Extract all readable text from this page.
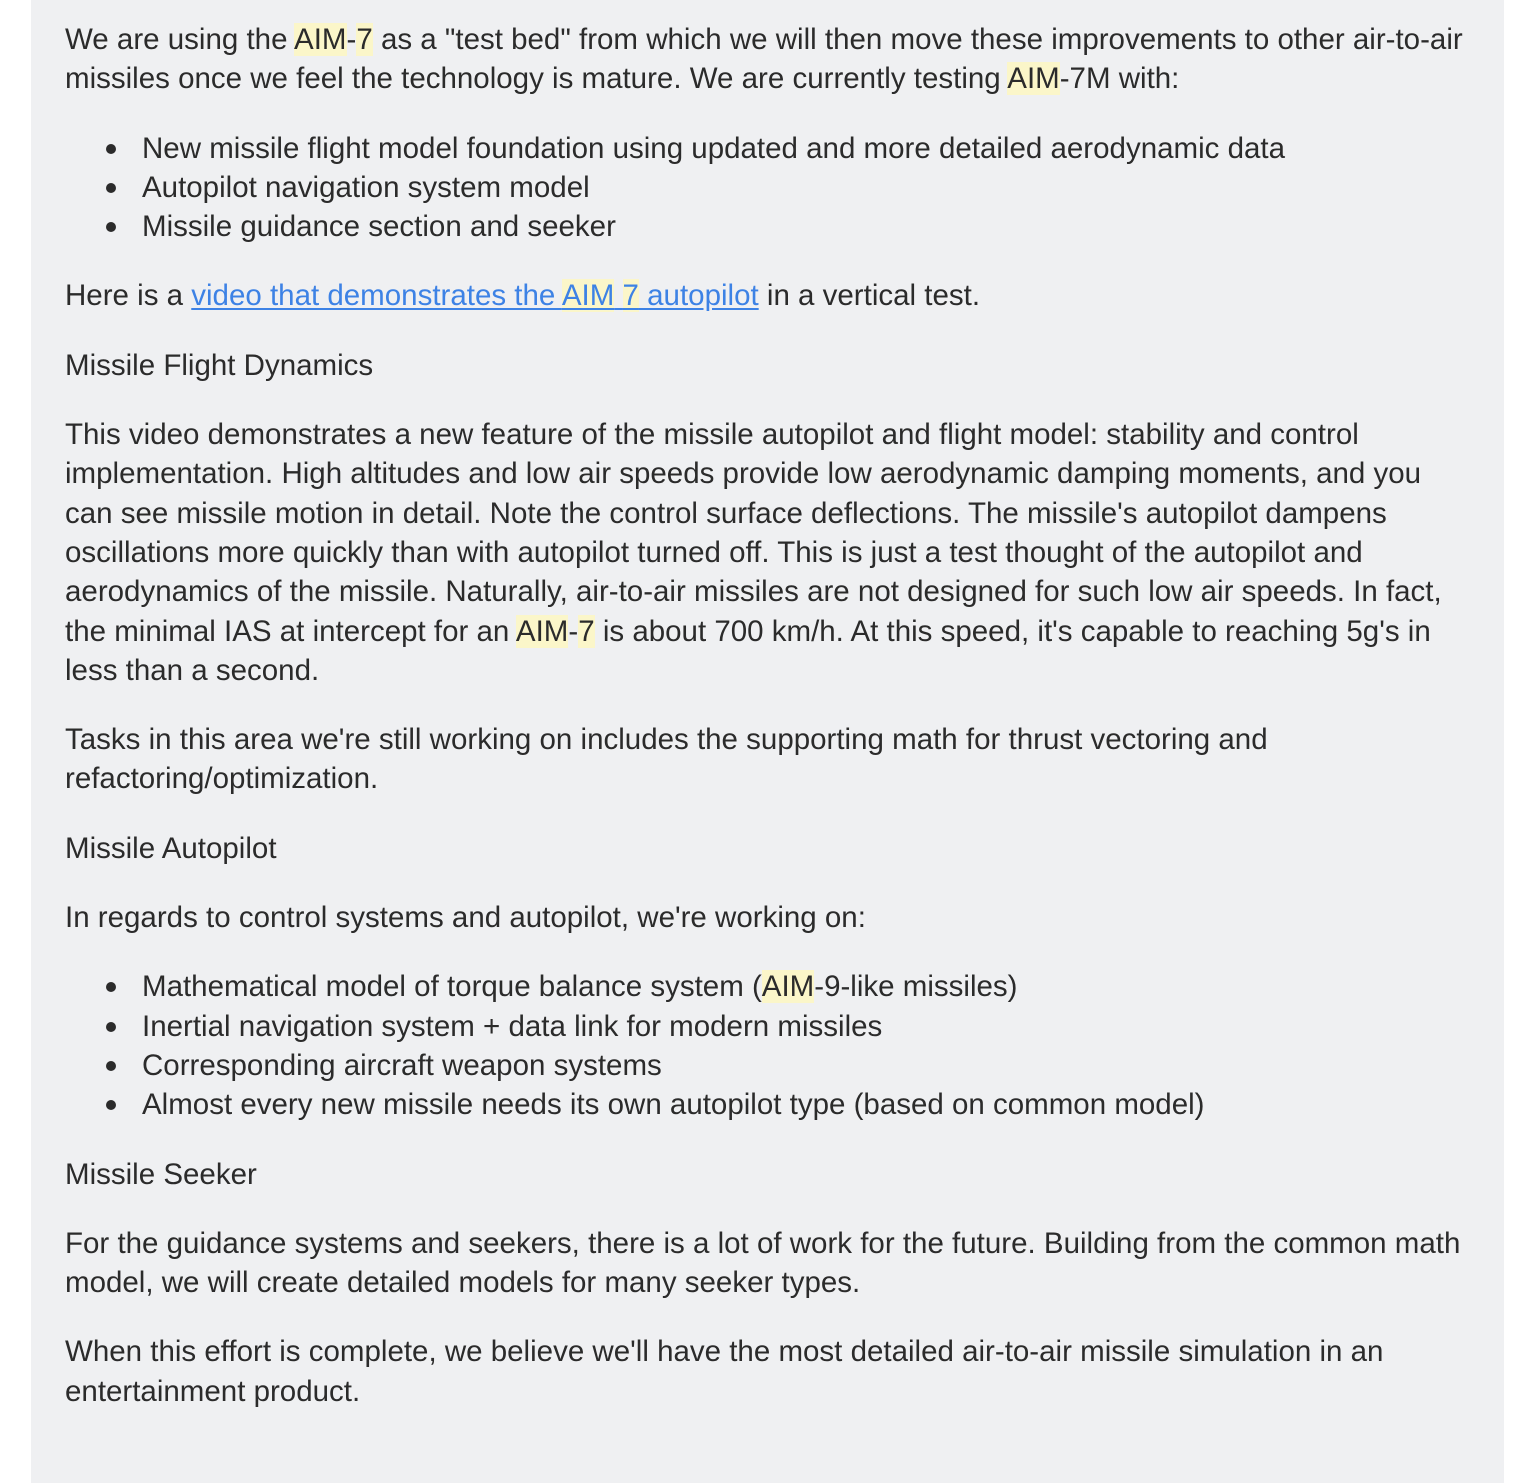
We are using the AIM-7 as a "test bed" from which we will then move these improvements to other air-to-air missiles once we feel the technology is mature. We are currently testing AIM-7M with:

New missile flight model foundation using updated and more detailed aerodynamic data
Autopilot navigation system model
Missile guidance section and seeker

Here is a video that demonstrates the AIM 7 autopilot in a vertical test.

Missile Flight Dynamics

This video demonstrates a new feature of the missile autopilot and flight model: stability and control implementation. High altitudes and low air speeds provide low aerodynamic damping moments, and you can see missile motion in detail. Note the control surface deflections. The missile's autopilot dampens oscillations more quickly than with autopilot turned off. This is just a test thought of the autopilot and aerodynamics of the missile. Naturally, air-to-air missiles are not designed for such low air speeds. In fact, the minimal IAS at intercept for an AIM-7 is about 700 km/h. At this speed, it's capable to reaching 5g's in less than a second.

Tasks in this area we're still working on includes the supporting math for thrust vectoring and refactoring/optimization.

Missile Autopilot

In regards to control systems and autopilot, we're working on:

Mathematical model of torque balance system (AIM-9-like missiles)
Inertial navigation system + data link for modern missiles
Corresponding aircraft weapon systems
Almost every new missile needs its own autopilot type (based on common model)

Missile Seeker

For the guidance systems and seekers, there is a lot of work for the future. Building from the common math model, we will create detailed models for many seeker types.

When this effort is complete, we believe we'll have the most detailed air-to-air missile simulation in an entertainment product.
